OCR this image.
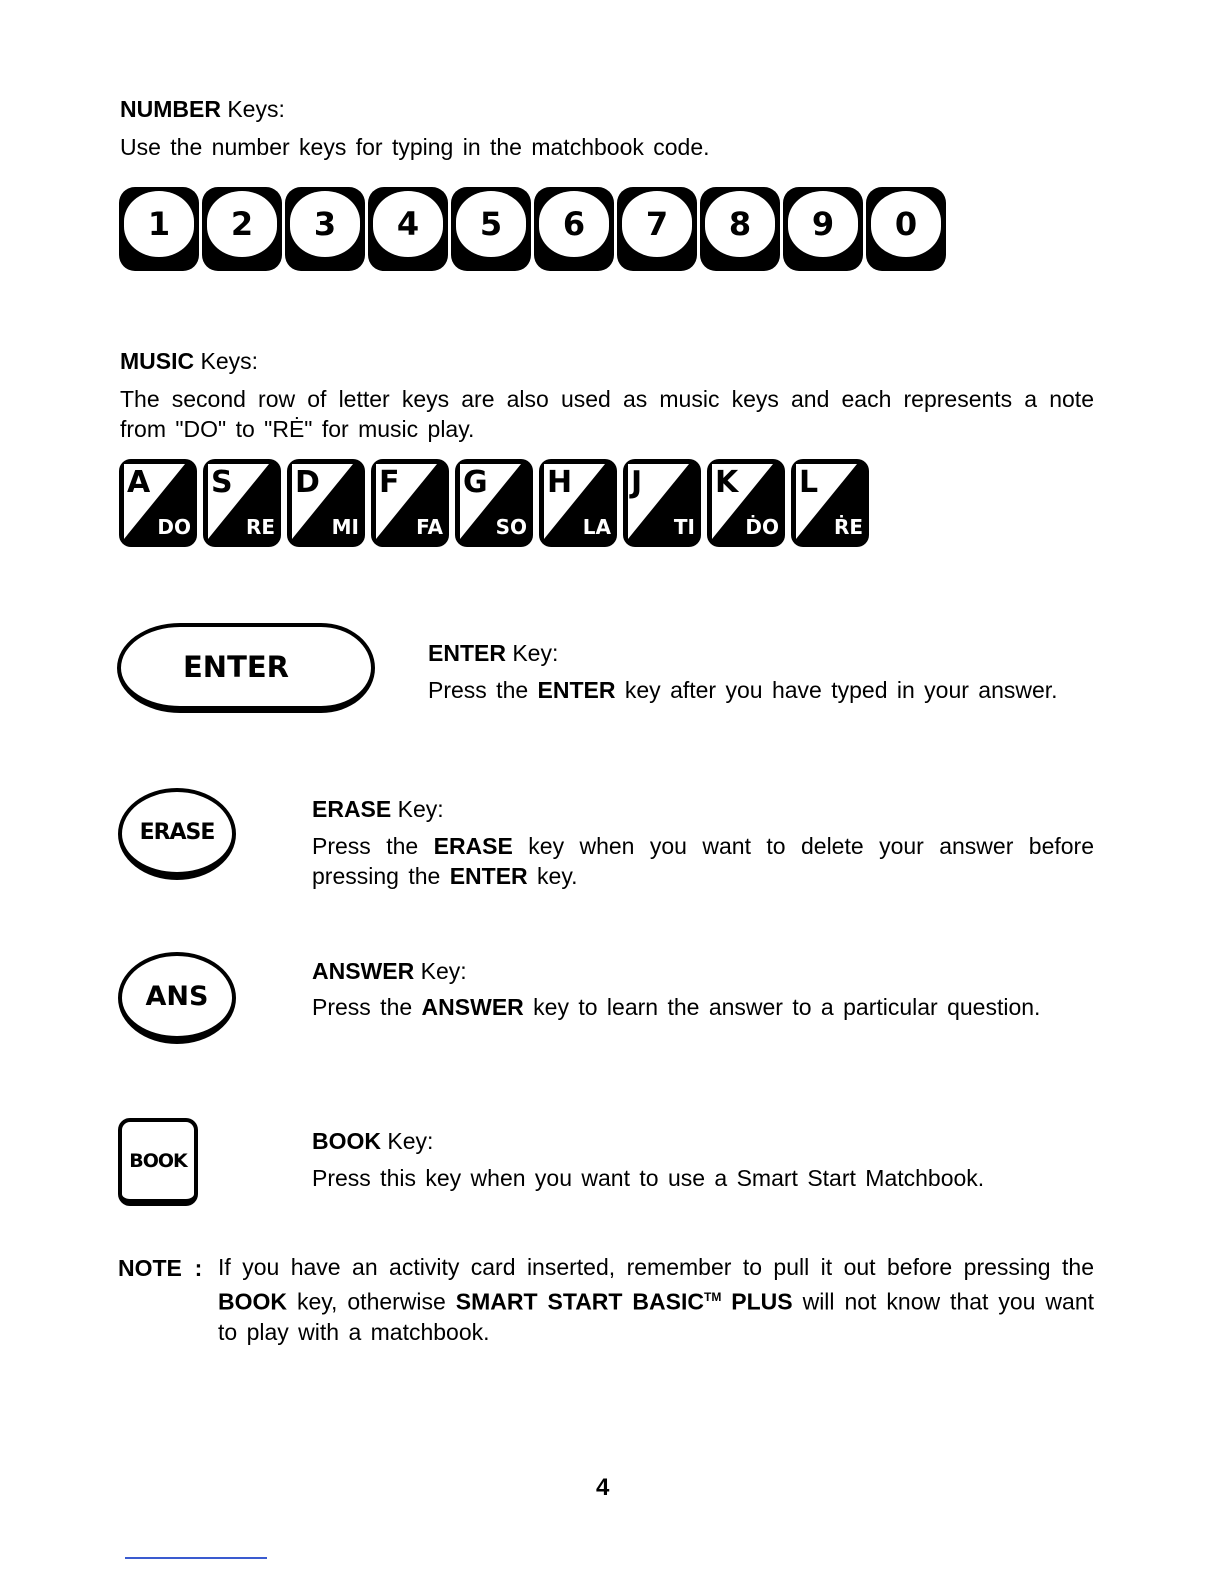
NUMBER Keys:
Use the number keys for typing in the matchbook code.
1	2	3	4	5	6	7	8	9	0
MUSIC Keys:
The second row of letter keys are also used as music keys and each represents a note from "DO" to "RĖ" for music play.
A
DO
S
RE
D
MI
F
FA
G
SO
H
LA
J
TI
K
ḊO
L
ṘE
ENTER	ENTER Key:
Press the ENTER key after you have typed in your answer.
ERASE
ERASE Key:
Press the ERASE key when you want to delete your answer before pressing the ENTER key.
ANS
ANSWER Key:
Press the ANSWER key to learn the answer to a particular question.
BOOK
BOOK Key:
Press this key when you want to use a Smart Start Matchbook.
NOTE : If you have an activity card inserted, remember to pull it out before pressing the BOOK key, otherwise SMART START BASIC™ PLUS will not know that you want to play with a matchbook.
4
